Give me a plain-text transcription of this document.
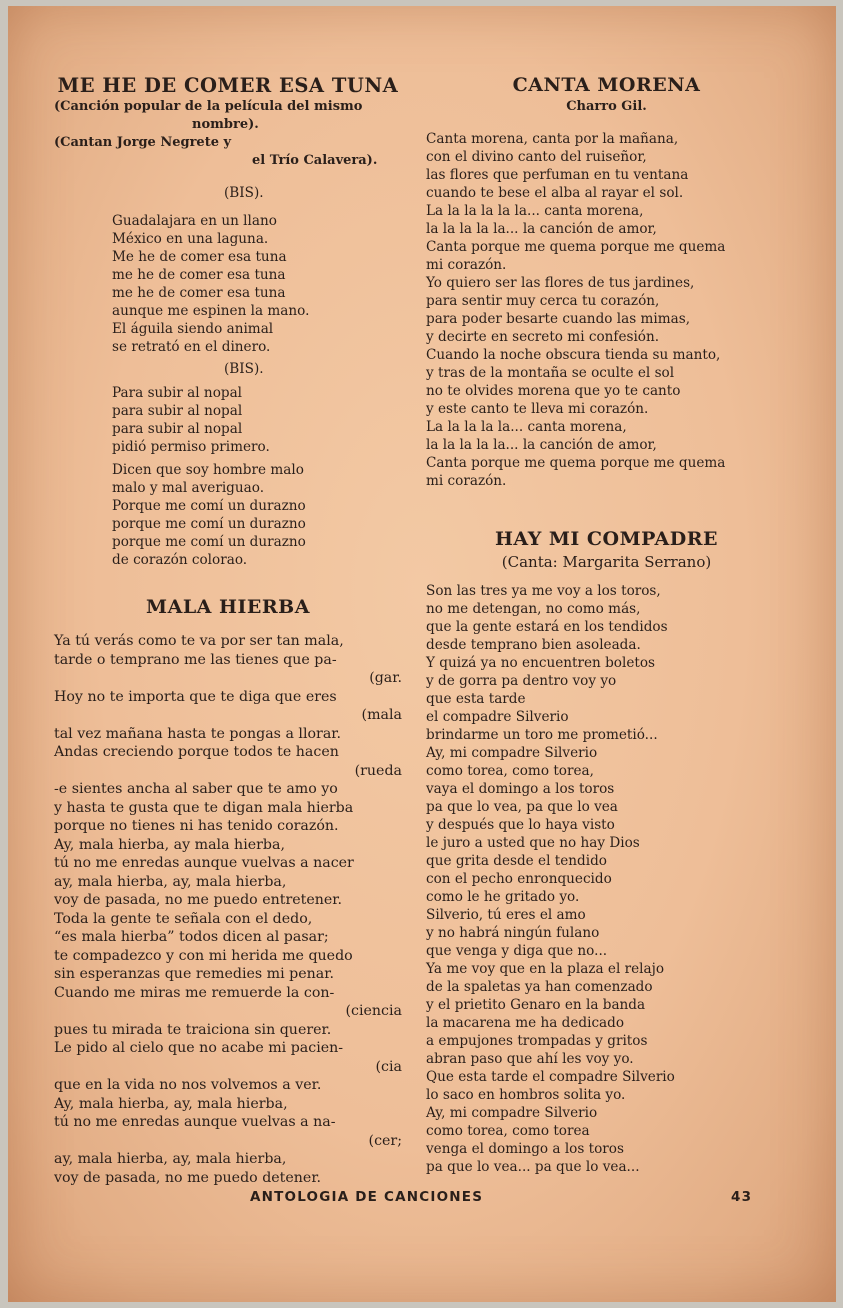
ME HE DE COMER ESA TUNA

(Canción popular de la película del mismo

nombre).

(Cantan Jorge Negrete y

el Trío Calavera).

(BIS).

Guadalajara en un llano

México en una laguna.

Me he de comer esa tuna

me he de comer esa tuna

me he de comer esa tuna

aunque me espinen la mano.

El águila siendo animal

se retrató en el dinero.

(BIS).

Para subir al nopal

para subir al nopal

para subir al nopal

pidió permiso primero.

Dicen que soy hombre malo

malo y mal averiguao.

Porque me comí un durazno

porque me comí un durazno

porque me comí un durazno

de corazón colorao.

MALA HIERBA

Ya tú verás como te va por ser tan mala,

tarde o temprano me las tienes que pa-

(gar.

Hoy no te importa que te diga que eres

(mala

tal vez mañana hasta te pongas a llorar.

Andas creciendo porque todos te hacen

(rueda

-e sientes ancha al saber que te amo yo

y hasta te gusta que te digan mala hierba

porque no tienes ni has tenido corazón.

Ay, mala hierba, ay mala hierba,

tú no me enredas aunque vuelvas a nacer

ay, mala hierba, ay, mala hierba,

voy de pasada, no me puedo entretener.

Toda la gente te señala con el dedo,

“es mala hierba” todos dicen al pasar;

te compadezco y con mi herida me quedo

sin esperanzas que remedies mi penar.

Cuando me miras me remuerde la con-

(ciencia

pues tu mirada te traiciona sin querer.

Le pido al cielo que no acabe mi pacien-

(cia

que en la vida no nos volvemos a ver.

Ay, mala hierba, ay, mala hierba,

tú no me enredas aunque vuelvas a na-

(cer;

ay, mala hierba, ay, mala hierba,

voy de pasada, no me puedo detener.

CANTA MORENA

Charro Gil.

Canta morena, canta por la mañana,

con el divino canto del ruiseñor,

las flores que perfuman en tu ventana

cuando te bese el alba al rayar el sol.

La la la la la la... canta morena,

la la la la la... la canción de amor,

Canta porque me quema porque me quema

mi corazón.

Yo quiero ser las flores de tus jardines,

para sentir muy cerca tu corazón,

para poder besarte cuando las mimas,

y decirte en secreto mi confesión.

Cuando la noche obscura tienda su manto,

y tras de la montaña se oculte el sol

no te olvides morena que yo te canto

y este canto te lleva mi corazón.

La la la la la... canta morena,

la la la la la... la canción de amor,

Canta porque me quema porque me quema

mi corazón.

HAY MI COMPADRE

(Canta: Margarita Serrano)

Son las tres ya me voy a los toros,

no me detengan, no como más,

que la gente estará en los tendidos

desde temprano bien asoleada.

Y quizá ya no encuentren boletos

y de gorra pa dentro voy yo

que esta tarde

el compadre Silverio

brindarme un toro me prometió...

Ay, mi compadre Silverio

como torea, como torea,

vaya el domingo a los toros

pa que lo vea, pa que lo vea

y después que lo haya visto

le juro a usted que no hay Dios

que grita desde el tendido

con el pecho enronquecido

como le he gritado yo.

Silverio, tú eres el amo

y no habrá ningún fulano

que venga y diga que no...

Ya me voy que en la plaza el relajo

de la spaletas ya han comenzado

y el prietito Genaro en la banda

la macarena me ha dedicado

a empujones trompadas y gritos

abran paso que ahí les voy yo.

Que esta tarde el compadre Silverio

lo saco en hombros solita yo.

Ay, mi compadre Silverio

como torea, como torea

venga el domingo a los toros

pa que lo vea... pa que lo vea...

ANTOLOGIA DE CANCIONES	43
